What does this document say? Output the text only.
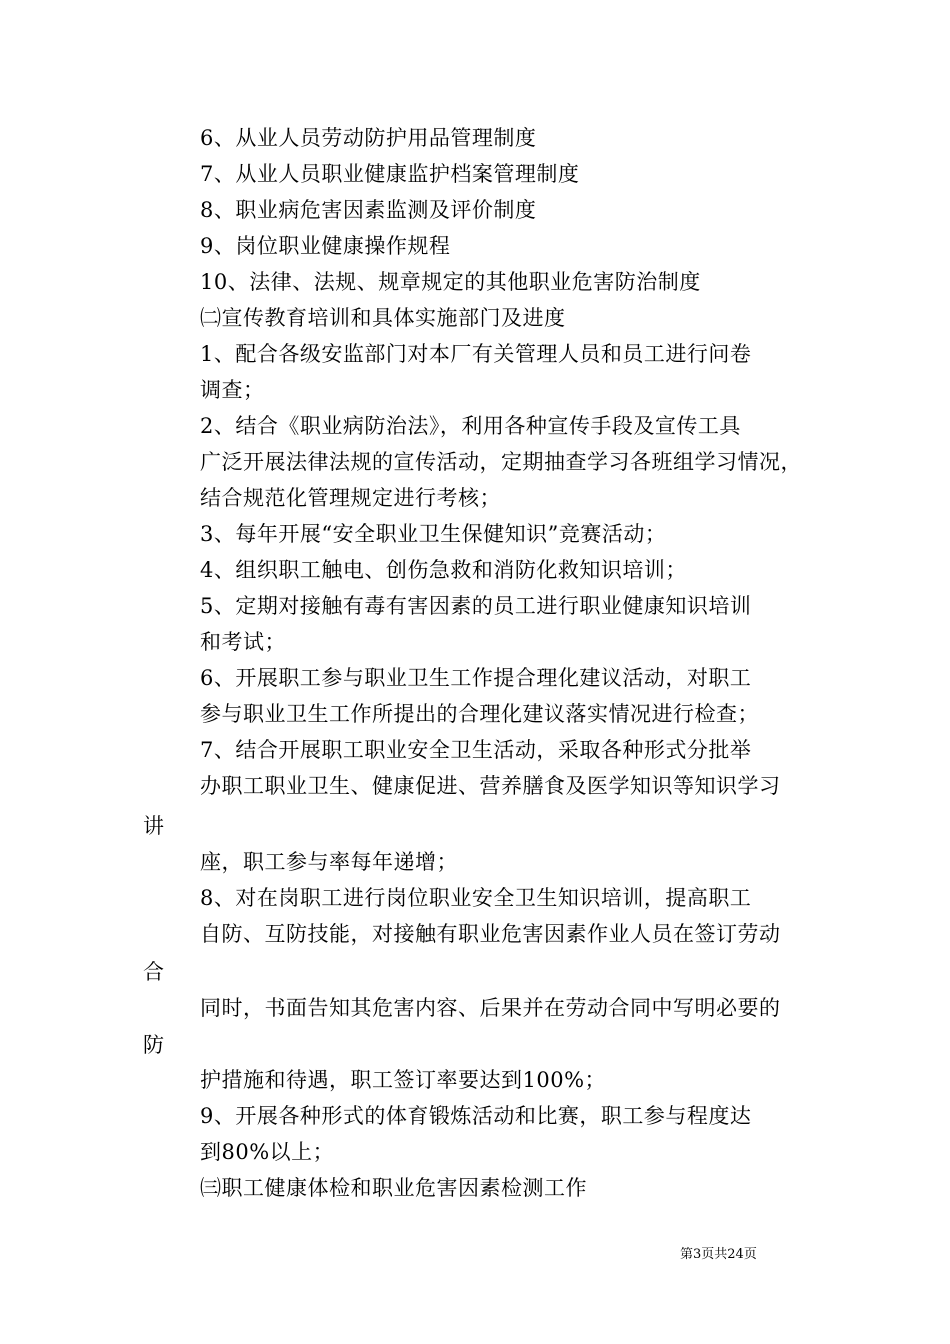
6、从业人员劳动防护用品管理制度
7、从业人员职业健康监护档案管理制度
8、职业病危害因素监测及评价制度
9、岗位职业健康操作规程
10、法律、法规、规章规定的其他职业危害防治制度
㈡宣传教育培训和具体实施部门及进度
1、配合各级安监部门对本厂有关管理人员和员工进行问卷
调查；
2、结合《职业病防治法》，利用各种宣传手段及宣传工具
广泛开展法律法规的宣传活动，定期抽查学习各班组学习情况，
结合规范化管理规定进行考核；
3、每年开展“安全职业卫生保健知识”竞赛活动；
4、组织职工触电、创伤急救和消防化救知识培训；
5、定期对接触有毒有害因素的员工进行职业健康知识培训
和考试；
6、开展职工参与职业卫生工作提合理化建议活动，对职工
参与职业卫生工作所提出的合理化建议落实情况进行检查；
7、结合开展职工职业安全卫生活动，采取各种形式分批举
办职工职业卫生、健康促进、营养膳食及医学知识等知识学习
讲
座，职工参与率每年递增；
8、对在岗职工进行岗位职业安全卫生知识培训，提高职工
自防、互防技能，对接触有职业危害因素作业人员在签订劳动
合
同时，书面告知其危害内容、后果并在劳动合同中写明必要的
防
护措施和待遇，职工签订率要达到100%；
9、开展各种形式的体育锻炼活动和比赛，职工参与程度达
到80%以上；
㈢职工健康体检和职业危害因素检测工作
第3页共24页
